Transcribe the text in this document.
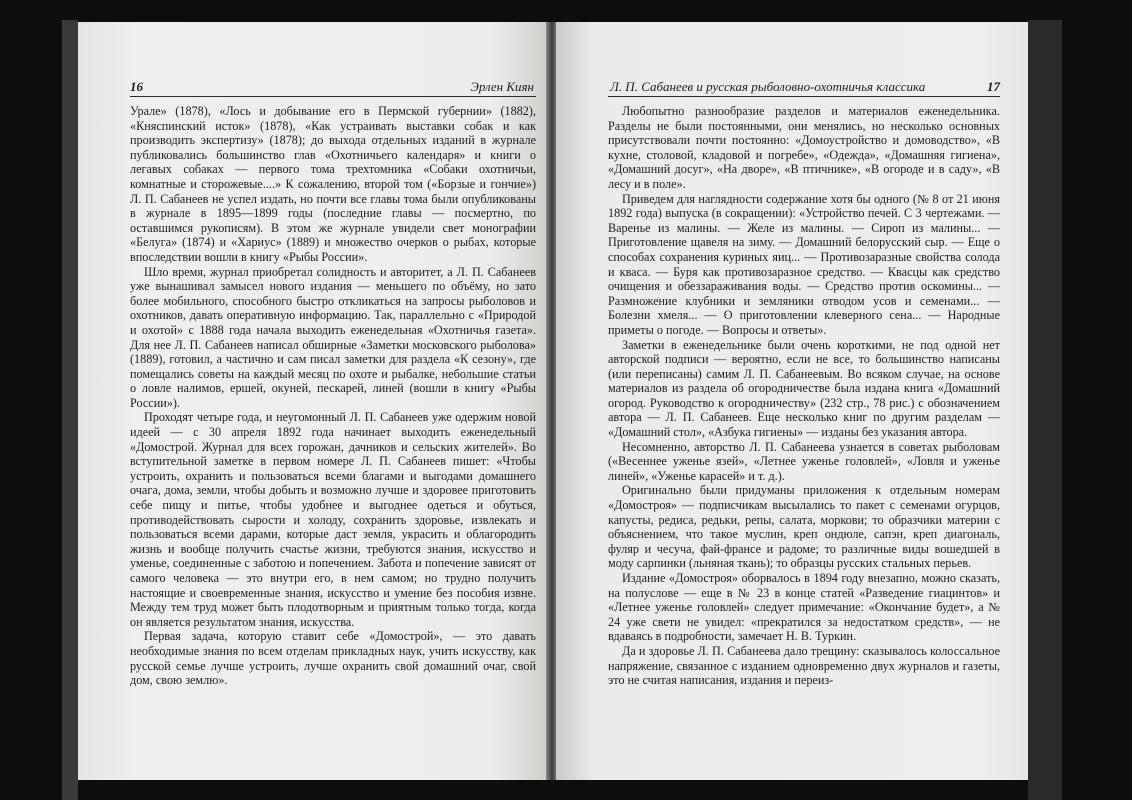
16	Эрлен Киян

Урале» (1878), «Лось и добывание его в Пермской губернии» (1882), «Княспинский исток» (1878), «Как устраивать выставки собак и как производить экспертизу» (1878); до выхода отдельных изданий в журнале публиковались большинство глав «Охотничьего календаря» и книги о легавых собаках — первого тома трехтомника «Собаки охотничьи, комнатные и сторожевые....» К сожалению, второй том («Борзые и гончие») Л. П. Сабанеев не успел издать, но почти все главы тома были опубликованы в журнале в 1895—1899 годы (последние главы — посмертно, по оставшимся рукописям). В этом же журнале увидели свет монографии «Белуга» (1874) и «Хариус» (1889) и множество очерков о рыбах, которые впоследствии вошли в книгу «Рыбы России».

Шло время, журнал приобретал солидность и авторитет, а Л. П. Сабанеев уже вынашивал замысел нового издания — меньшего по объёму, но зато более мобильного, способного быстро откликаться на запросы рыболовов и охотников, давать оперативную информацию. Так, параллельно с «Природой и охотой» с 1888 года начала выходить еженедельная «Охотничья газета». Для нее Л. П. Сабанеев написал обширные «Заметки московского рыболова» (1889), готовил, а частично и сам писал заметки для раздела «К сезону», где помещались советы на каждый месяц по охоте и рыбалке, небольшие статьи о ловле налимов, ершей, окуней, пескарей, линей (вошли в книгу «Рыбы России»).

Проходят четыре года, и неугомонный Л. П. Сабанеев уже одержим новой идеей — с 30 апреля 1892 года начинает выходить еженедельный «Домострой. Журнал для всех горожан, дачников и сельских жителей». Во вступительной заметке в первом номере Л. П. Сабанеев пишет: «Чтобы устроить, охранить и пользоваться всеми благами и выгодами домашнего очага, дома, земли, чтобы добыть и возможно лучше и здоровее приготовить себе пищу и питье, чтобы удобнее и выгоднее одеться и обуться, противодействовать сырости и холоду, сохранить здоровье, извлекать и пользоваться всеми дарами, которые даст земля, украсить и облагородить жизнь и вообще получить счастье жизни, требуются знания, искусство и уменье, соединенные с заботою и попечением. Забота и попечение зависят от самого человека — это внутри его, в нем самом; но трудно получить настоящие и своевременные знания, искусство и умение без пособия извне. Между тем труд может быть плодотворным и приятным только тогда, когда он является результатом знания, искусства.

Первая задача, которую ставит себе «Домострой», — это давать необходимые знания по всем отделам прикладных наук, учить искусству, как русской семье лучше устроить, лучше охранить свой домашний очаг, свой дом, свою землю».

Л. П. Сабанеев и русская рыболовно-охотничья классика	17

Любопытно разнообразие разделов и материалов еженедельника. Разделы не были постоянными, они менялись, но несколько основных присутствовали почти постоянно: «Домоустройство и домоводство», «В кухне, столовой, кладовой и погребе», «Одежда», «Домашняя гигиена», «Домашний досуг», «На дворе», «В птичнике», «В огороде и в саду», «В лесу и в поле».

Приведем для наглядности содержание хотя бы одного (№ 8 от 21 июня 1892 года) выпуска (в сокращении): «Устройство печей. С 3 чертежами. — Варенье из малины. — Желе из малины. — Сироп из малины... — Приготовление щавеля на зиму. — Домашний белорусский сыр. — Еще о способах сохранения куриных яиц... — Противозаразные свойства солода и кваса. — Буря как противозаразное средство. — Квасцы как средство очищения и обеззараживания воды. — Средство против оскомины... — Размножение клубники и земляники отводом усов и семенами... — Болезни хмеля... — О приготовлении клеверного сена... — Народные приметы о погоде. — Вопросы и ответы».

Заметки в еженедельнике были очень короткими, не под одной нет авторской подписи — вероятно, если не все, то большинство написаны (или переписаны) самим Л. П. Сабанеевым. Во всяком случае, на основе материалов из раздела об огородничестве была издана книга «Домашний огород. Руководство к огородничеству» (232 стр., 78 рис.) с обозначением автора — Л. П. Сабанеев. Еще несколько книг по другим разделам — «Домашний стол», «Азбука гигиены» — изданы без указания автора.

Несомненно, авторство Л. П. Сабанеева узнается в советах рыболовам («Весеннее уженье язей», «Летнее уженье головлей», «Ловля и уженье линей», «Уженье карасей» и т. д.).

Оригинально были придуманы приложения к отдельным номерам «Домостроя» — подписчикам высылались то пакет с семенами огурцов, капусты, редиса, редьки, репы, салата, моркови; то образчики материи с объяснением, что такое муслин, креп ондюле, сапэн, креп диагональ, фуляр и чесуча, фай-франсе и радоме; то различные виды вошедшей в моду сарпинки (льняная ткань); то образцы русских стальных перьев.

Издание «Домостроя» оборвалось в 1894 году внезапно, можно сказать, на полуслове — еще в № 23 в конце статей «Разведение гиацинтов» и «Летнее уженье головлей» следует примечание: «Окончание будет», а № 24 уже свети не увидел: «прекратился за недостатком средств», — не вдаваясь в подробности, замечает Н. В. Туркин.

Да и здоровье Л. П. Сабанеева дало трещину: сказывалось колоссальное напряжение, связанное с изданием одновременно двух журналов и газеты, это не считая написания, издания и переиз-
